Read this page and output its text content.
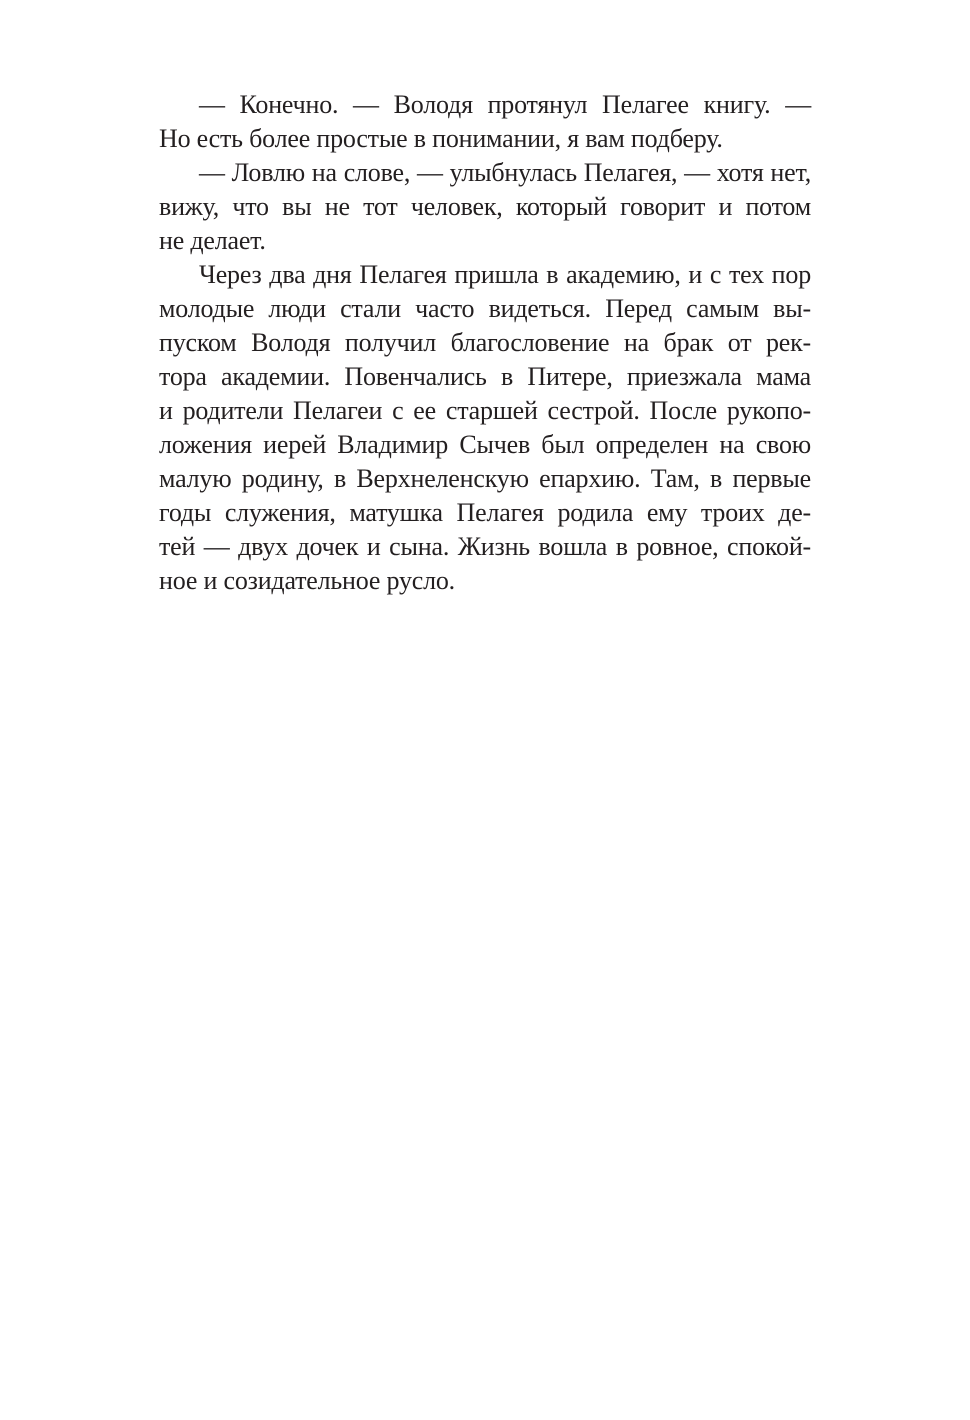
— Конечно. — Володя протянул Пелагее книгу. —
Но есть более простые в понимании, я вам подберу.
— Ловлю на слове, — улыбнулась Пелагея, — хотя нет,
вижу, что вы не тот человек, который говорит и потом
не делает.
Через два дня Пелагея пришла в академию, и с тех пор
молодые люди стали часто видеться. Перед самым вы-
пуском Володя получил благословение на брак от рек-
тора академии. Повенчались в Питере, приезжала мама
и родители Пелагеи с ее старшей сестрой. После рукопо-
ложения иерей Владимир Сычев был определен на свою
малую родину, в Верхнеленскую епархию. Там, в первые
годы служения, матушка Пелагея родила ему троих де-
тей — двух дочек и сына. Жизнь вошла в ровное, спокой-
ное и созидательное русло.
